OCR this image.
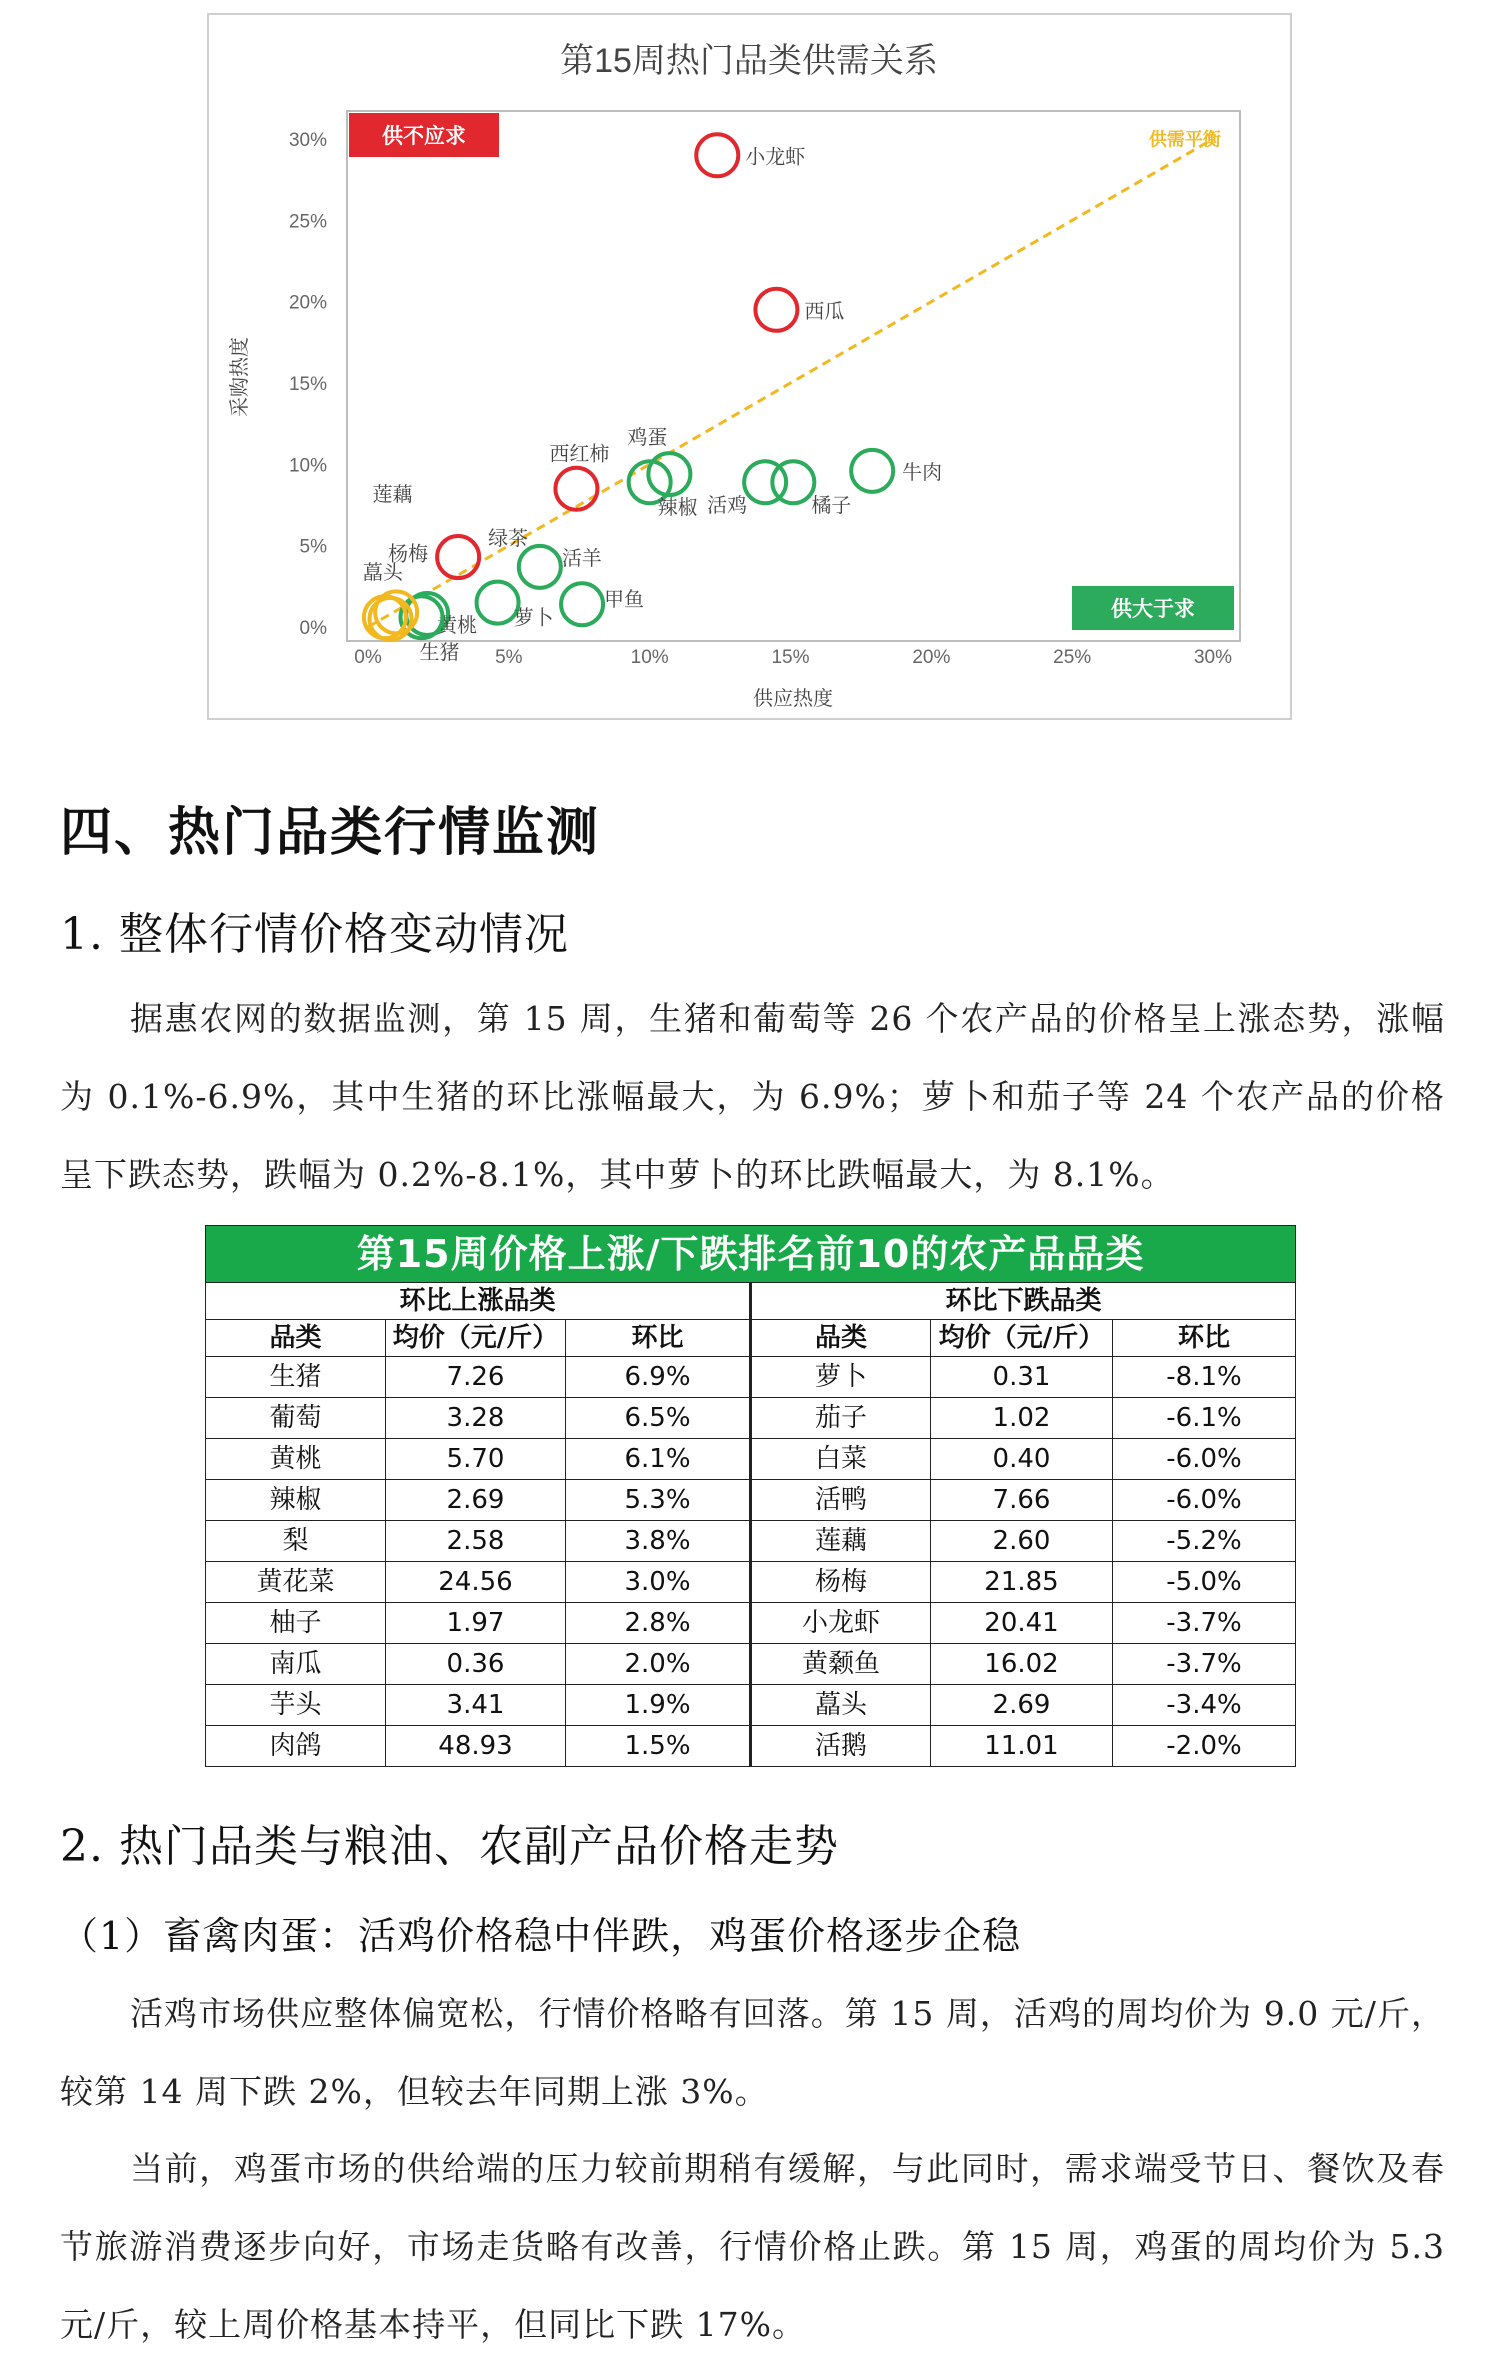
第15周热门品类供需关系
0%	5%	10%	15%	20%	25%	30%
0%
5%
10%
15%
20%
25%
30%	供需平衡
供不应求
供大于求
供应热度
采购热度
小龙虾
西瓜
西红柿
绿茶
鸡蛋
辣椒 活鸡	橘子
牛肉
活羊
萝卜
甲鱼
黄桃
生猪
杨梅
莲藕
藠头
四、热门品类行情监测
1. 整体行情价格变动情况
据惠农网的数据监测，第 15 周，生猪和葡萄等 26 个农产品的价格呈上涨态势，涨幅为 0.1%-6.9%，其中生猪的环比涨幅最大，为 6.9%；萝卜和茄子等 24 个农产品的价格呈下跌态势，跌幅为 0.2%-8.1%，其中萝卜的环比跌幅最大，为 8.1%。
第15周价格上涨/下跌排名前10的农产品品类					
环比上涨品类			环比下跌品类		
品类	均价（元/斤）	环比	品类	均价（元/斤）	环比
生猪	7.26	6.9%	萝卜	0.31	-8.1%
葡萄	3.28	6.5%	茄子	1.02	-6.1%
黄桃	5.70	6.1%	白菜	0.40	-6.0%
辣椒	2.69	5.3%	活鸭	7.66	-6.0%
梨	2.58	3.8%	莲藕	2.60	-5.2%
黄花菜	24.56	3.0%	杨梅	21.85	-5.0%
柚子	1.97	2.8%	小龙虾	20.41	-3.7%
南瓜	0.36	2.0%	黄颡鱼	16.02	-3.7%
芋头	3.41	1.9%	藠头	2.69	-3.4%
肉鸽	48.93	1.5%	活鹅	11.01	-2.0%
2. 热门品类与粮油、农副产品价格走势
（1）畜禽肉蛋：活鸡价格稳中伴跌，鸡蛋价格逐步企稳
活鸡市场供应整体偏宽松，行情价格略有回落。第 15 周，活鸡的周均价为 9.0 元/斤，较第 14 周下跌 2%，但较去年同期上涨 3%。
当前，鸡蛋市场的供给端的压力较前期稍有缓解，与此同时，需求端受节日、餐饮及春节旅游消费逐步向好，市场走货略有改善，行情价格止跌。第 15 周，鸡蛋的周均价为 5.3 元/斤，较上周价格基本持平，但同比下跌 17%。
